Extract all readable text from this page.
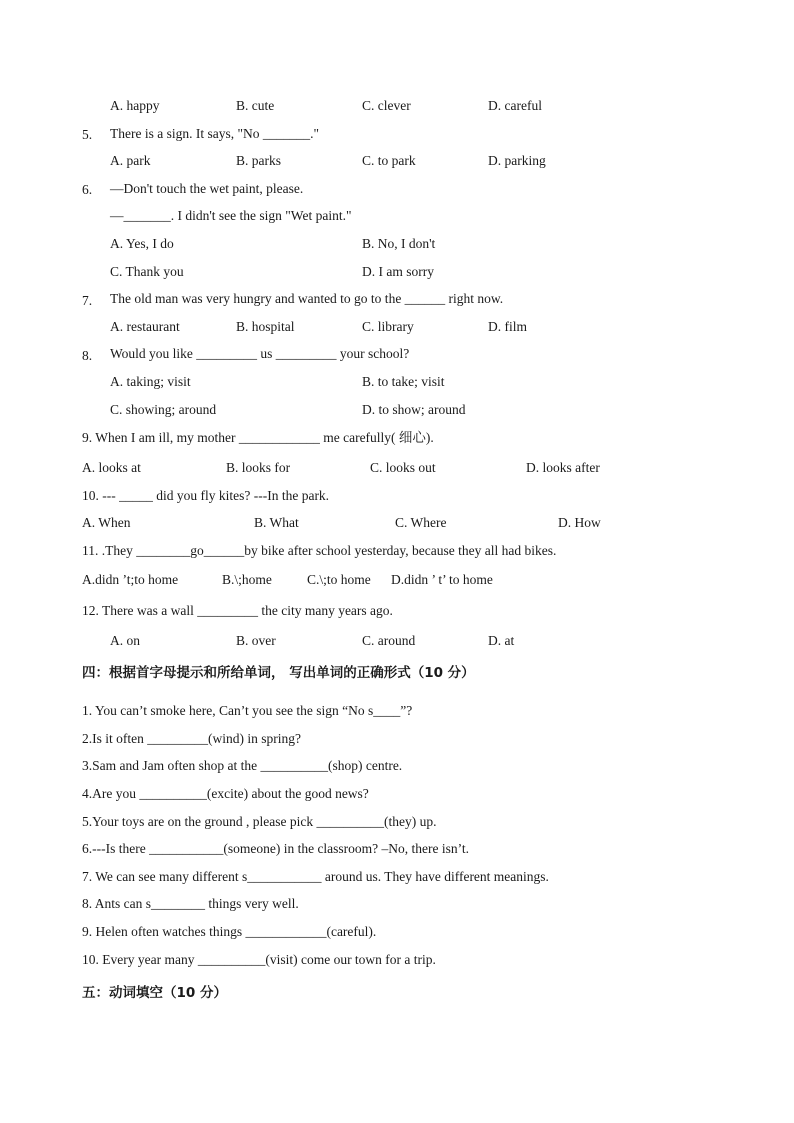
A. happy	B. cute	C. clever	D. careful
5. There is a sign. It says, "No _______."
A. park	B. parks	C. to park	D. parking
6. —Don't touch the wet paint, please.
—_______. I didn't see the sign "Wet paint."
A. Yes, I do	B. No, I don't
C. Thank you	D. I am sorry
7. The old man was very hungry and wanted to go to the ______ right now.
A. restaurant	B. hospital	C. library	D. film
8. Would you like _________ us _________ your school?
A. taking; visit	B. to take; visit
C. showing; around	D. to show; around
9. When I am ill, my mother ____________ me carefully( 细心).
A. looks at	B. looks for	C. looks out	D. looks after
10. --- _____ did you fly kites? ---In the park.
A. When	B. What	C. Where	D. How
11. .They ________go______by bike after school yesterday, because they all had bikes.
A.didn ’t;to home	B.\;home	C.\;to home D.didn ’ t’ to home
12. There was a wall _________ the city many years ago.
A. on	B. over	C. around	D. at
四：根据首字母提示和所给单词， 写出单词的正确形式（10 分）
1. You can’t smoke here, Can’t you see the sign “No s____”?
2.Is it often _________(wind) in spring?
3.Sam and Jam often shop at the __________(shop) centre.
4.Are you __________(excite) about the good news?
5.Your toys are on the ground , please pick __________(they) up.
6.---Is there ___________(someone) in the classroom? –No, there isn’t.
7. We can see many different s___________ around us. They have different meanings.
8. Ants can s________ things very well.
9. Helen often watches things ____________(careful).
10. Every year many __________(visit) come our town for a trip.
五：动词填空（10 分）
